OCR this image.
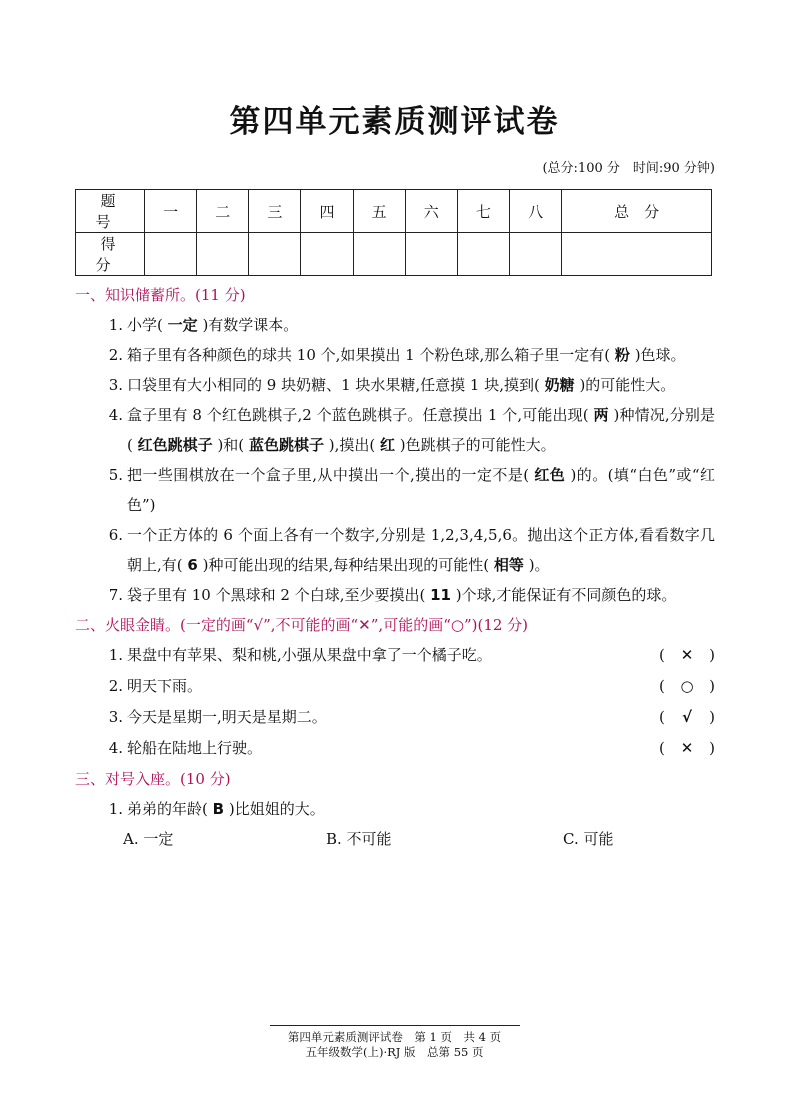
第四单元素质测评试卷
(总分:100 分　时间:90 分钟)
题　号	一	二	三	四	五	六	七	八	总　分
得　分									
一、知识储蓄所。(11 分)
1. 小学( 一定 )有数学课本。
2. 箱子里有各种颜色的球共 10 个,如果摸出 1 个粉色球,那么箱子里一定有( 粉 )色球。
3. 口袋里有大小相同的 9 块奶糖、1 块水果糖,任意摸 1 块,摸到( 奶糖 )的可能性大。
4. 盒子里有 8 个红色跳棋子,2 个蓝色跳棋子。任意摸出 1 个,可能出现( 两 )种情况,分别是( 红色跳棋子 )和( 蓝色跳棋子 ),摸出( 红 )色跳棋子的可能性大。
5. 把一些围棋放在一个盒子里,从中摸出一个,摸出的一定不是( 红色 )的。(填“白色”或“红色”)
6. 一个正方体的 6 个面上各有一个数字,分别是 1,2,3,4,5,6。抛出这个正方体,看看数字几朝上,有( 6 )种可能出现的结果,每种结果出现的可能性( 相等 )。
7. 袋子里有 10 个黑球和 2 个白球,至少要摸出( 11 )个球,才能保证有不同颜色的球。
二、火眼金睛。(一定的画“√”,不可能的画“✕”,可能的画“○”)(12 分)
1. 果盘中有苹果、梨和桃,小强从果盘中拿了一个橘子吃。	( ✕ )
2. 明天下雨。	( ○ )
3. 今天是星期一,明天是星期二。	( √ )
4. 轮船在陆地上行驶。	( ✕ )
三、对号入座。(10 分)
1. 弟弟的年龄( B )比姐姐的大。
A. 一定	B. 不可能	C. 可能
第四单元素质测评试卷　第 1 页　共 4 页
五年级数学(上)·RJ 版　总第 55 页
